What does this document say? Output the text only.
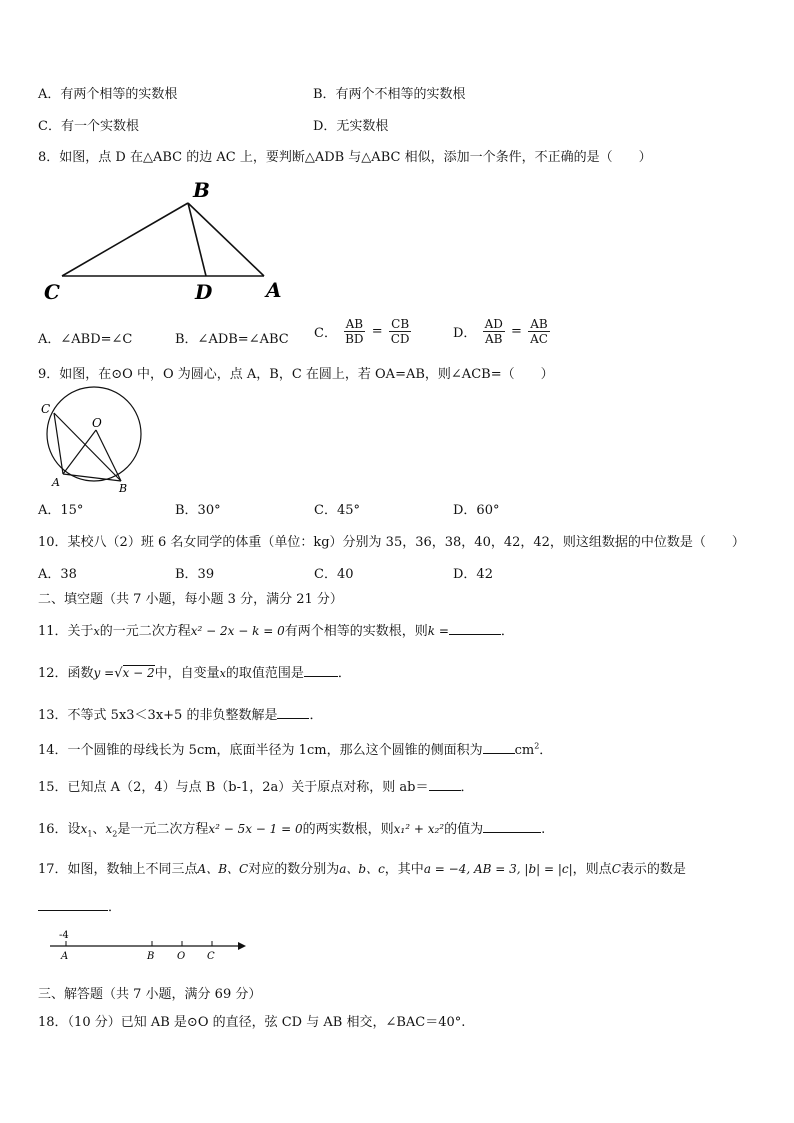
A．有两个相等的实数根	B．有两个不相等的实数根
C．有一个实数根	D．无实数根
8．如图，点 D 在△ABC 的边 AC 上，要判断△ADB 与△ABC 相似，添加一个条件，不正确的是（　　）
B
C	D	A
A．∠ABD=∠C	B．∠ADB=∠ABC C． $\frac{AB}{BD} = \frac{CB}{CD}$	D． $\frac{AD}{AB} = \frac{AB}{AC}$
9．如图，在⊙O 中，O 为圆心，点 A，B，C 在圆上，若 OA=AB，则∠ACB=（　　）
C
O
A	B
A．15°	B．30°	C．45°	D．60°
10．某校八（2）班 6 名女同学的体重（单位：kg）分别为 35，36，38，40，42，42，则这组数据的中位数是（　　）
A．38	B．39	C．40	D．42
二、填空题（共 7 小题，每小题 3 分，满分 21 分）
11．关于x的一元二次方程x² − 2x − k = 0有两个相等的实数根，则k =	．
12．函数y =√x − 2中，自变量x的取值范围是	．
13．不等式 5x3＜3x+5 的非负整数解是 ．
14．一个圆锥的母线长为 5cm，底面半径为 1cm，那么这个圆锥的侧面积为 $cm^2$．
15．已知点 A（2，4）与点 B（b-1，2a）关于原点对称，则 ab＝ ．
16．设$x_1$、$x_2$是一元二次方程x² − 5x − 1 = 0的两实数根，则x₁² + x₂²的值为	.
17．如图，数轴上不同三点A、B、C对应的数分别为a、b、c，其中a = −4, AB = 3, |b| = |c|，则点C表示的数是
．
-4
A	B O C
三、解答题（共 7 小题，满分 69 分）
18．（10 分）已知 AB 是⊙O 的直径，弦 CD 与 AB 相交，∠BAC＝40°.
